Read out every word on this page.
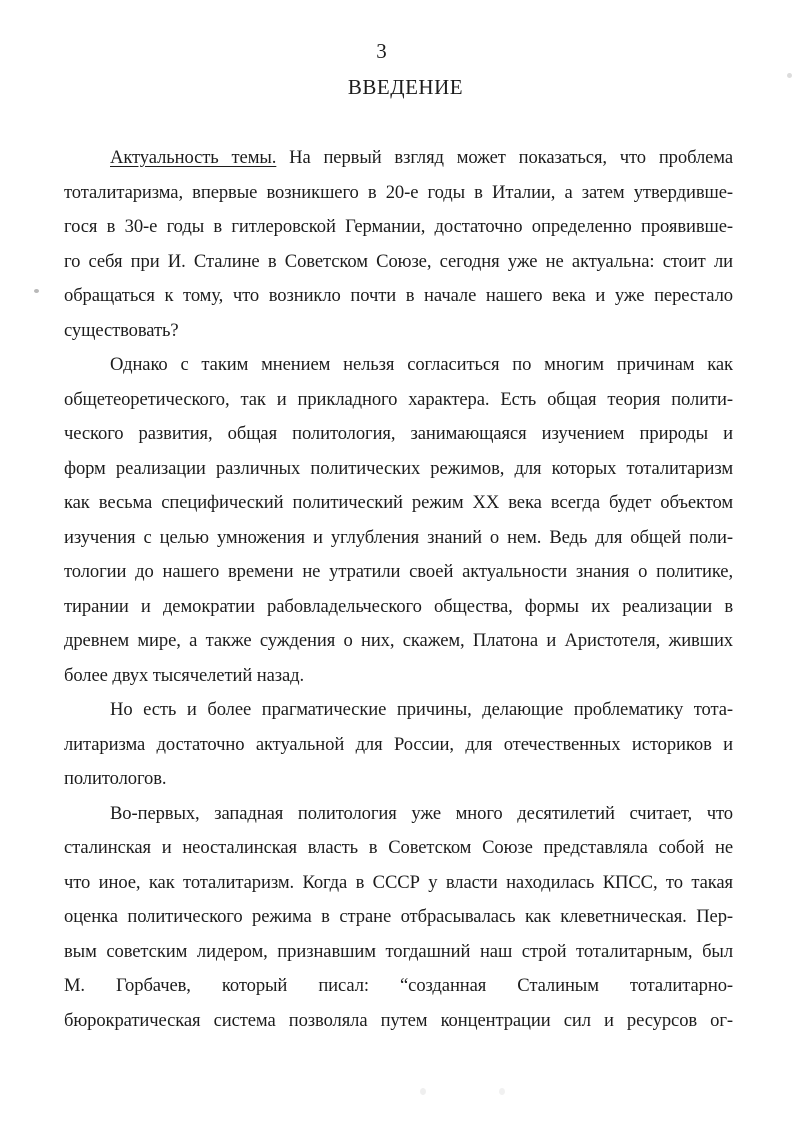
3
ВВЕДЕНИЕ
Актуальность темы. На первый взгляд может показаться, что проблема
тоталитаризма, впервые возникшего в 20-е годы в Италии, а затем утвердивше-
гося в 30-е годы в гитлеровской Германии, достаточно определенно проявивше-
го себя при И. Сталине в Советском Союзе, сегодня уже не актуальна: стоит ли
обращаться к тому, что возникло почти в начале нашего века и уже перестало
существовать?
Однако с таким мнением нельзя согласиться по многим причинам как
общетеоретического, так и прикладного характера. Есть общая теория полити-
ческого развития, общая политология, занимающаяся изучением природы и
форм реализации различных политических режимов, для которых тоталитаризм
как весьма специфический политический режим XX века всегда будет объектом
изучения с целью умножения и углубления знаний о нем. Ведь для общей поли-
тологии до нашего времени не утратили своей актуальности знания о политике,
тирании и демократии рабовладельческого общества, формы их реализации в
древнем мире, а также суждения о них, скажем, Платона и Аристотеля, живших
более двух тысячелетий назад.
Но есть и более прагматические причины, делающие проблематику тота-
литаризма достаточно актуальной для России, для отечественных историков и
политологов.
Во-первых, западная политология уже много десятилетий считает, что
сталинская и неосталинская власть в Советском Союзе представляла собой не
что иное, как тоталитаризм. Когда в СССР у власти находилась КПСС, то такая
оценка политического режима в стране отбрасывалась как клеветническая. Пер-
вым советским лидером, признавшим тогдашний наш строй тоталитарным, был
М. Горбачев, который писал: “созданная Сталиным тоталитарно-
бюрократическая система позволяла путем концентрации сил и ресурсов ог-
